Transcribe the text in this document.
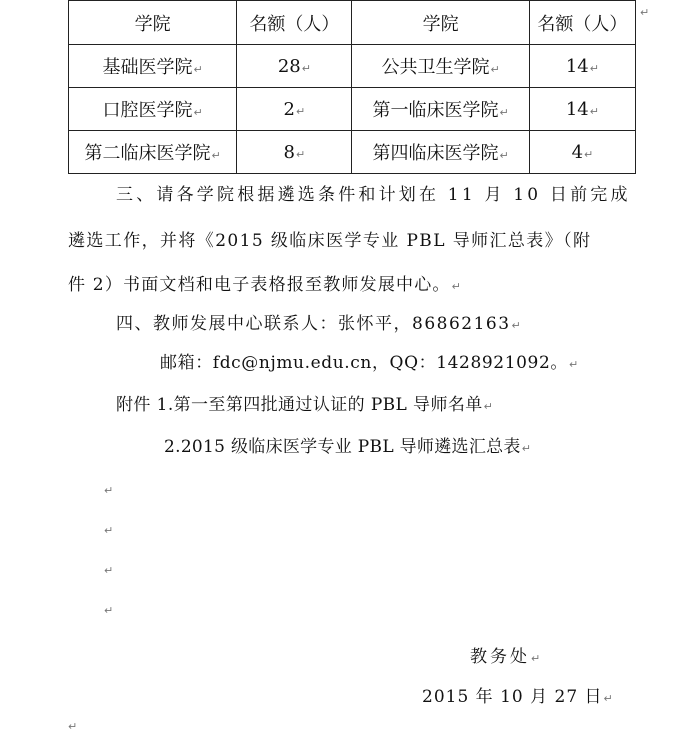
↵
学院	名额（人）	学院	名额（人）
基础医学院↵	28↵	公共卫生学院↵	14↵
口腔医学院↵	2↵	第一临床医学院↵	14↵
第二临床医学院↵	8↵	第四临床医学院↵	4↵
三、请各学院根据遴选条件和计划在 11 月 10 日前完成
遴选工作，并将《2015 级临床医学专业 PBL 导师汇总表》（附
件 2）书面文档和电子表格报至教师发展中心。↵
四、教师发展中心联系人：张怀平，86862163↵
邮箱：fdc@njmu.edu.cn，QQ：1428921092。↵
附件 1.第一至第四批通过认证的 PBL 导师名单↵
2.2015 级临床医学专业 PBL 导师遴选汇总表↵
↵
↵
↵
↵
教务处↵
2015 年 10 月 27 日↵
↵
